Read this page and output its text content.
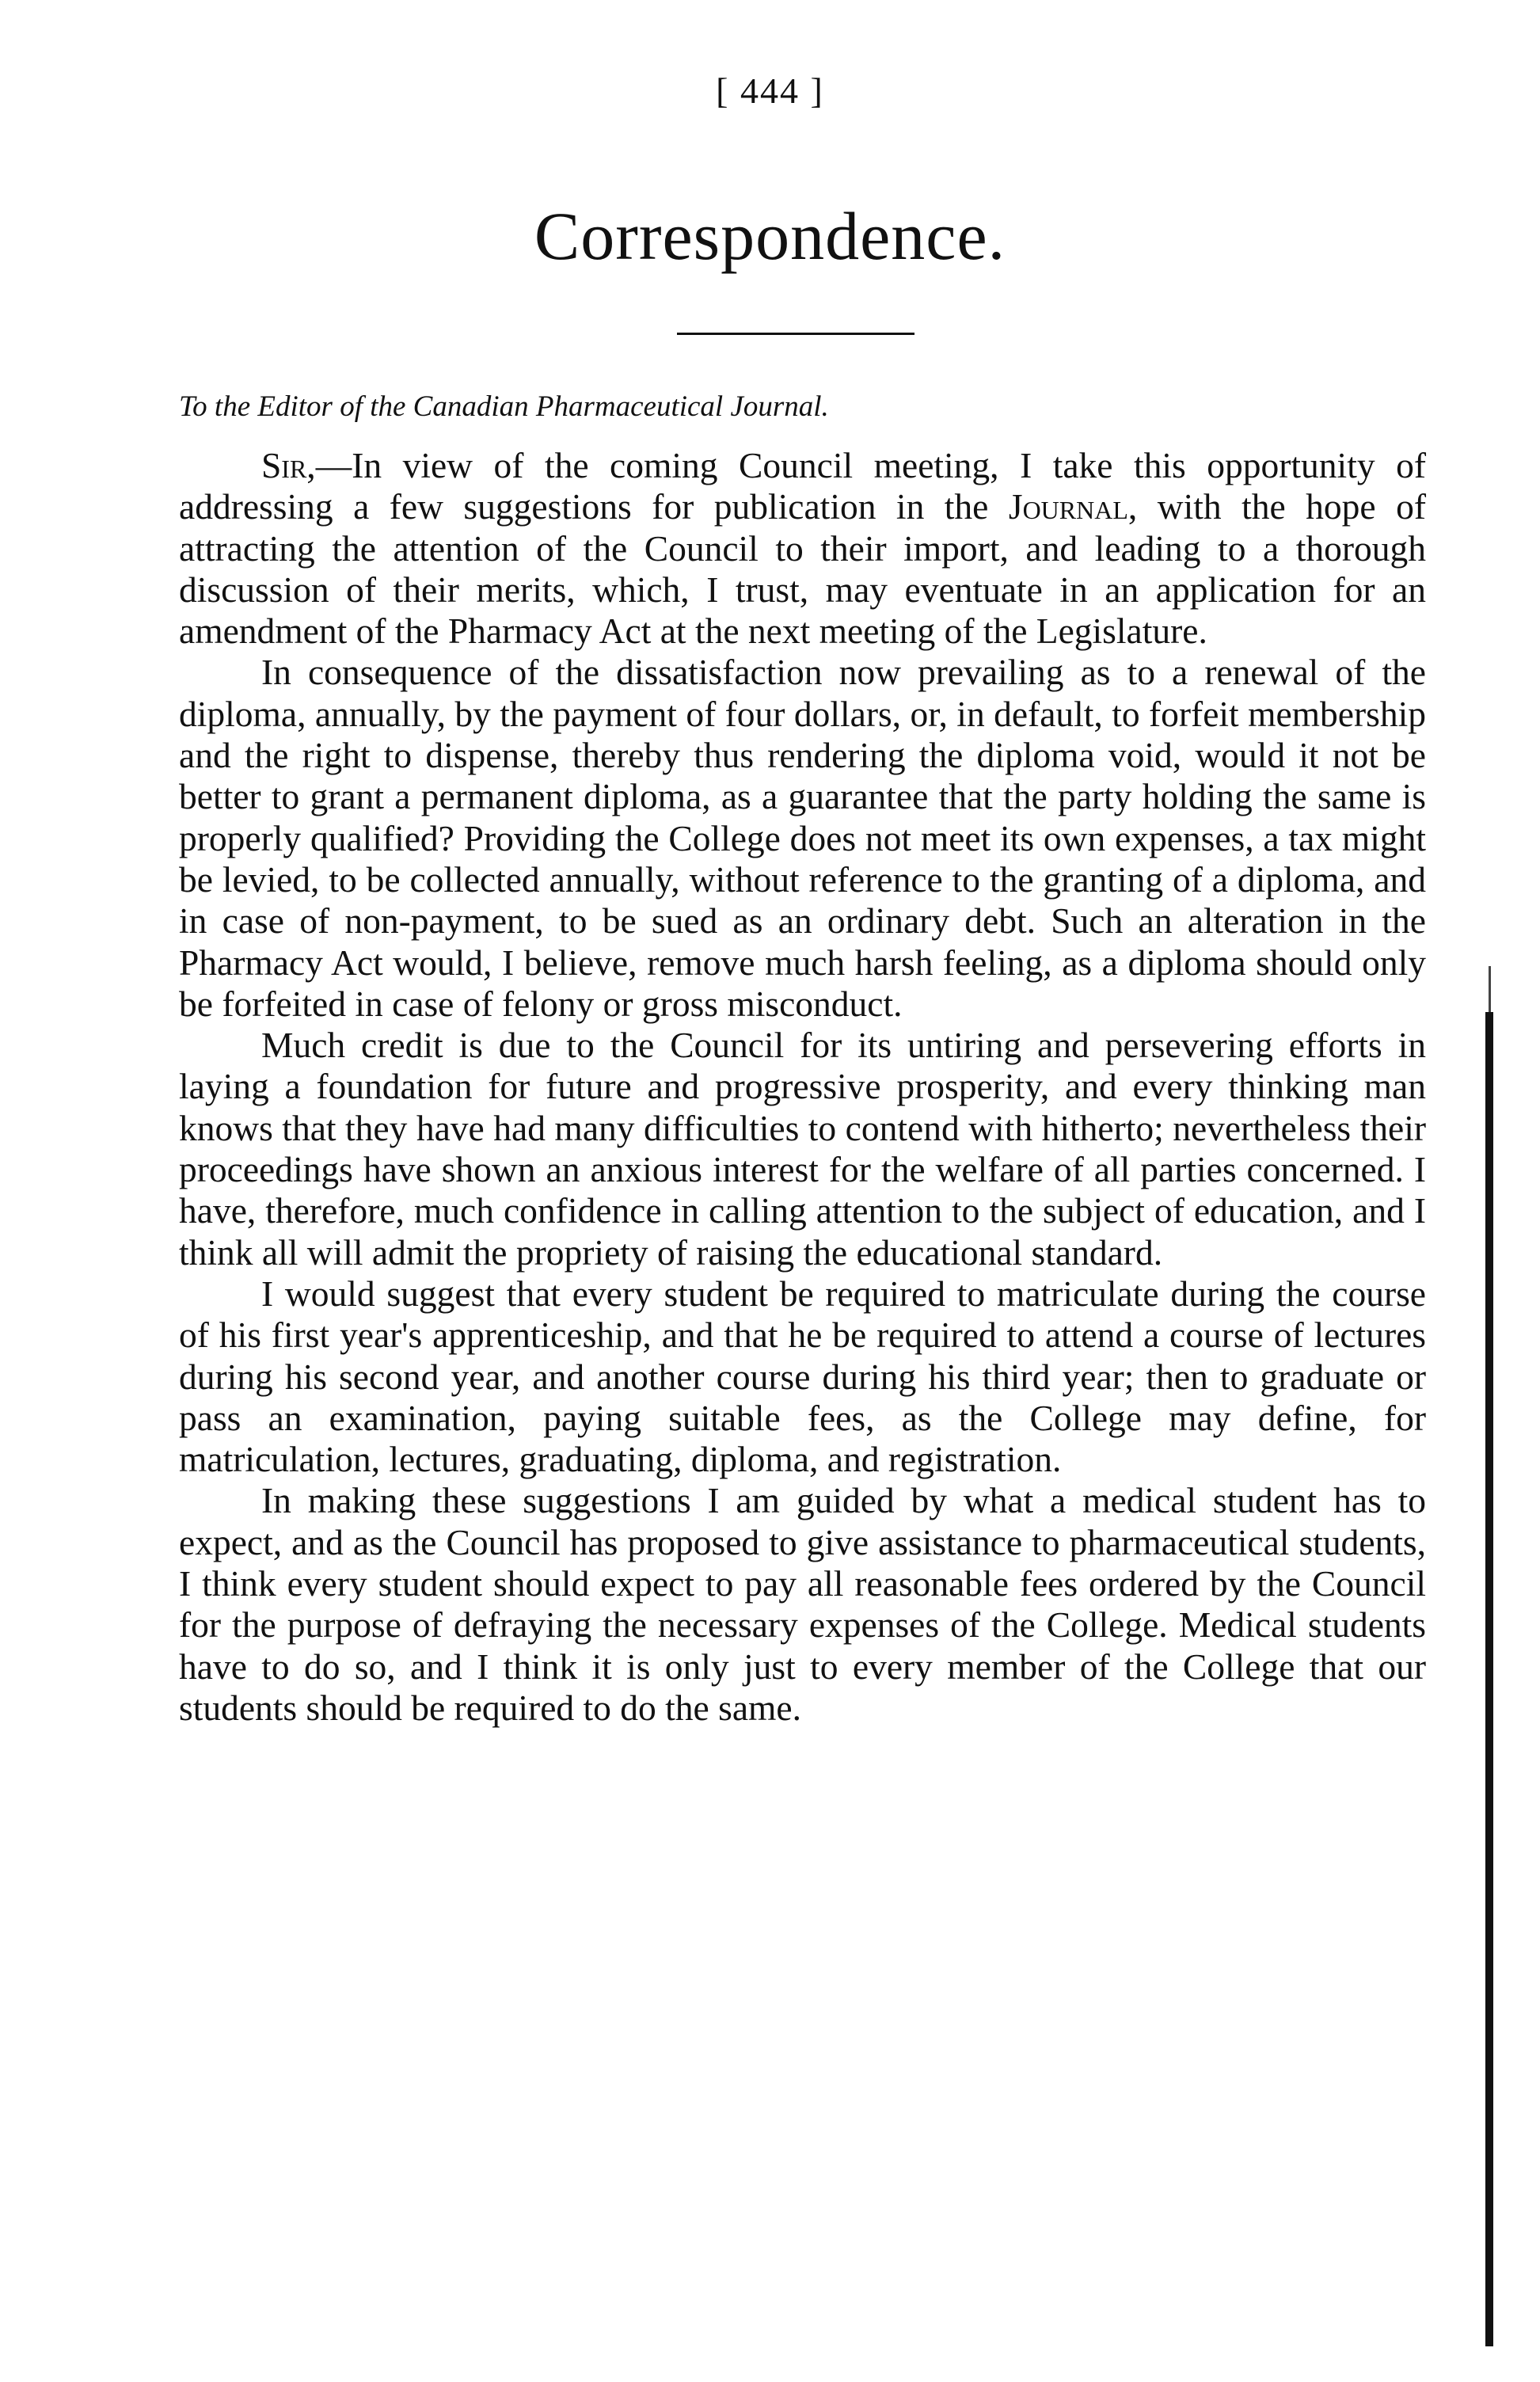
[ 444 ]
Correspondence.
To the Editor of the Canadian Pharmaceutical Journal.

Sir,—In view of the coming Council meeting, I take this opportunity of addressing a few suggestions for publication in the Journal, with the hope of attracting the attention of the Council to their import, and leading to a thorough discussion of their merits, which, I trust, may eventuate in an application for an amendment of the Pharmacy Act at the next meeting of the Legislature.

In consequence of the dissatisfaction now prevailing as to a renewal of the diploma, annually, by the payment of four dollars, or, in default, to forfeit membership and the right to dispense, thereby thus rendering the diploma void, would it not be better to grant a permanent diploma, as a guarantee that the party holding the same is properly qualified? Providing the College does not meet its own expenses, a tax might be levied, to be collected annually, without reference to the granting of a diploma, and in case of non-payment, to be sued as an ordinary debt. Such an alteration in the Pharmacy Act would, I believe, remove much harsh feeling, as a diploma should only be forfeited in case of felony or gross misconduct.

Much credit is due to the Council for its untiring and persevering efforts in laying a foundation for future and progressive prosperity, and every thinking man knows that they have had many difficulties to contend with hitherto; nevertheless their proceedings have shown an anxious interest for the welfare of all parties concerned. I have, therefore, much confidence in calling attention to the subject of education, and I think all will admit the propriety of raising the educational standard.

I would suggest that every student be required to matriculate during the course of his first year's apprenticeship, and that he be required to attend a course of lectures during his second year, and another course during his third year; then to graduate or pass an examination, paying suitable fees, as the College may define, for matriculation, lectures, graduating, diploma, and registration.

In making these suggestions I am guided by what a medical student has to expect, and as the Council has proposed to give assistance to pharmaceutical students, I think every student should expect to pay all reasonable fees ordered by the Council for the purpose of defraying the necessary expenses of the College. Medical students have to do so, and I think it is only just to every member of the College that our students should be required to do the same.
